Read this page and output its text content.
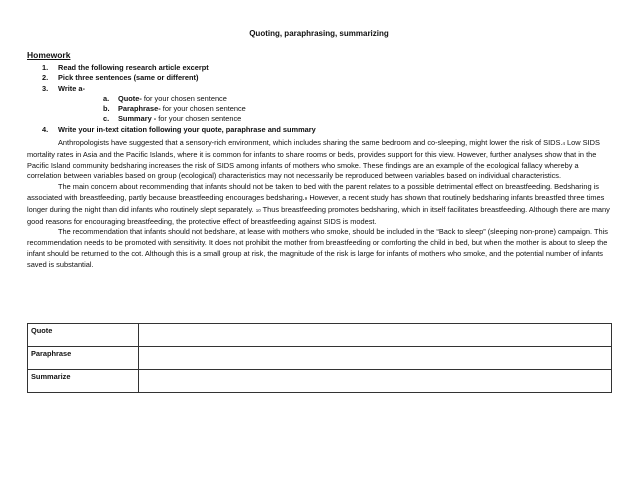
Quoting, paraphrasing, summarizing
Homework
1. Read the following research article excerpt
2. Pick three sentences (same or different)
3. Write a-
a. Quote- for your chosen sentence
b. Paraphrase- for your chosen sentence
c. Summary - for your chosen sentence
4. Write your in-text citation following your quote, paraphrase and summary

Anthropologists have suggested that a sensory-rich environment, which includes sharing the same bedroom and co-sleeping, might lower the risk of SIDS.4 Low SIDS mortality rates in Asia and the Pacific Islands, where it is common for infants to share rooms or beds, provides support for this view. However, further analyses show that in the Pacific Island community bedsharing increases the risk of SIDS among infants of mothers who smoke. These findings are an example of the ecological fallacy whereby a correlation between variables based on group (ecological) characteristics may not necessarily be reproduced between variables based on individual characteristics.

The main concern about recommending that infants should not be taken to bed with the parent relates to a possible detrimental effect on breastfeeding. Bedsharing is associated with breastfeeding, partly because breastfeeding encourages bedsharing.9 However, a recent study has shown that routinely bedsharing infants breastfed three times longer during the night than did infants who routinely slept separately. 10 Thus breastfeeding promotes bedsharing, which in itself facilitates breastfeeding. Although there are many good reasons for encouraging breastfeeding, the protective effect of breastfeeding against SIDS is modest.

The recommendation that infants should not bedshare, at lease with mothers who smoke, should be included in the “Back to sleep” (sleeping non-prone) campaign. This recommendation needs to be promoted with sensitivity. It does not prohibit the mother from breastfeeding or comforting the child in bed, but when the mother is about to sleep the infant should be returned to the cot. Although this is a small group at risk, the magnitude of the risk is large for infants of mothers who smoke, and the potential number of infants saved is substantial.

Quote	
Paraphrase	
Summarize	
